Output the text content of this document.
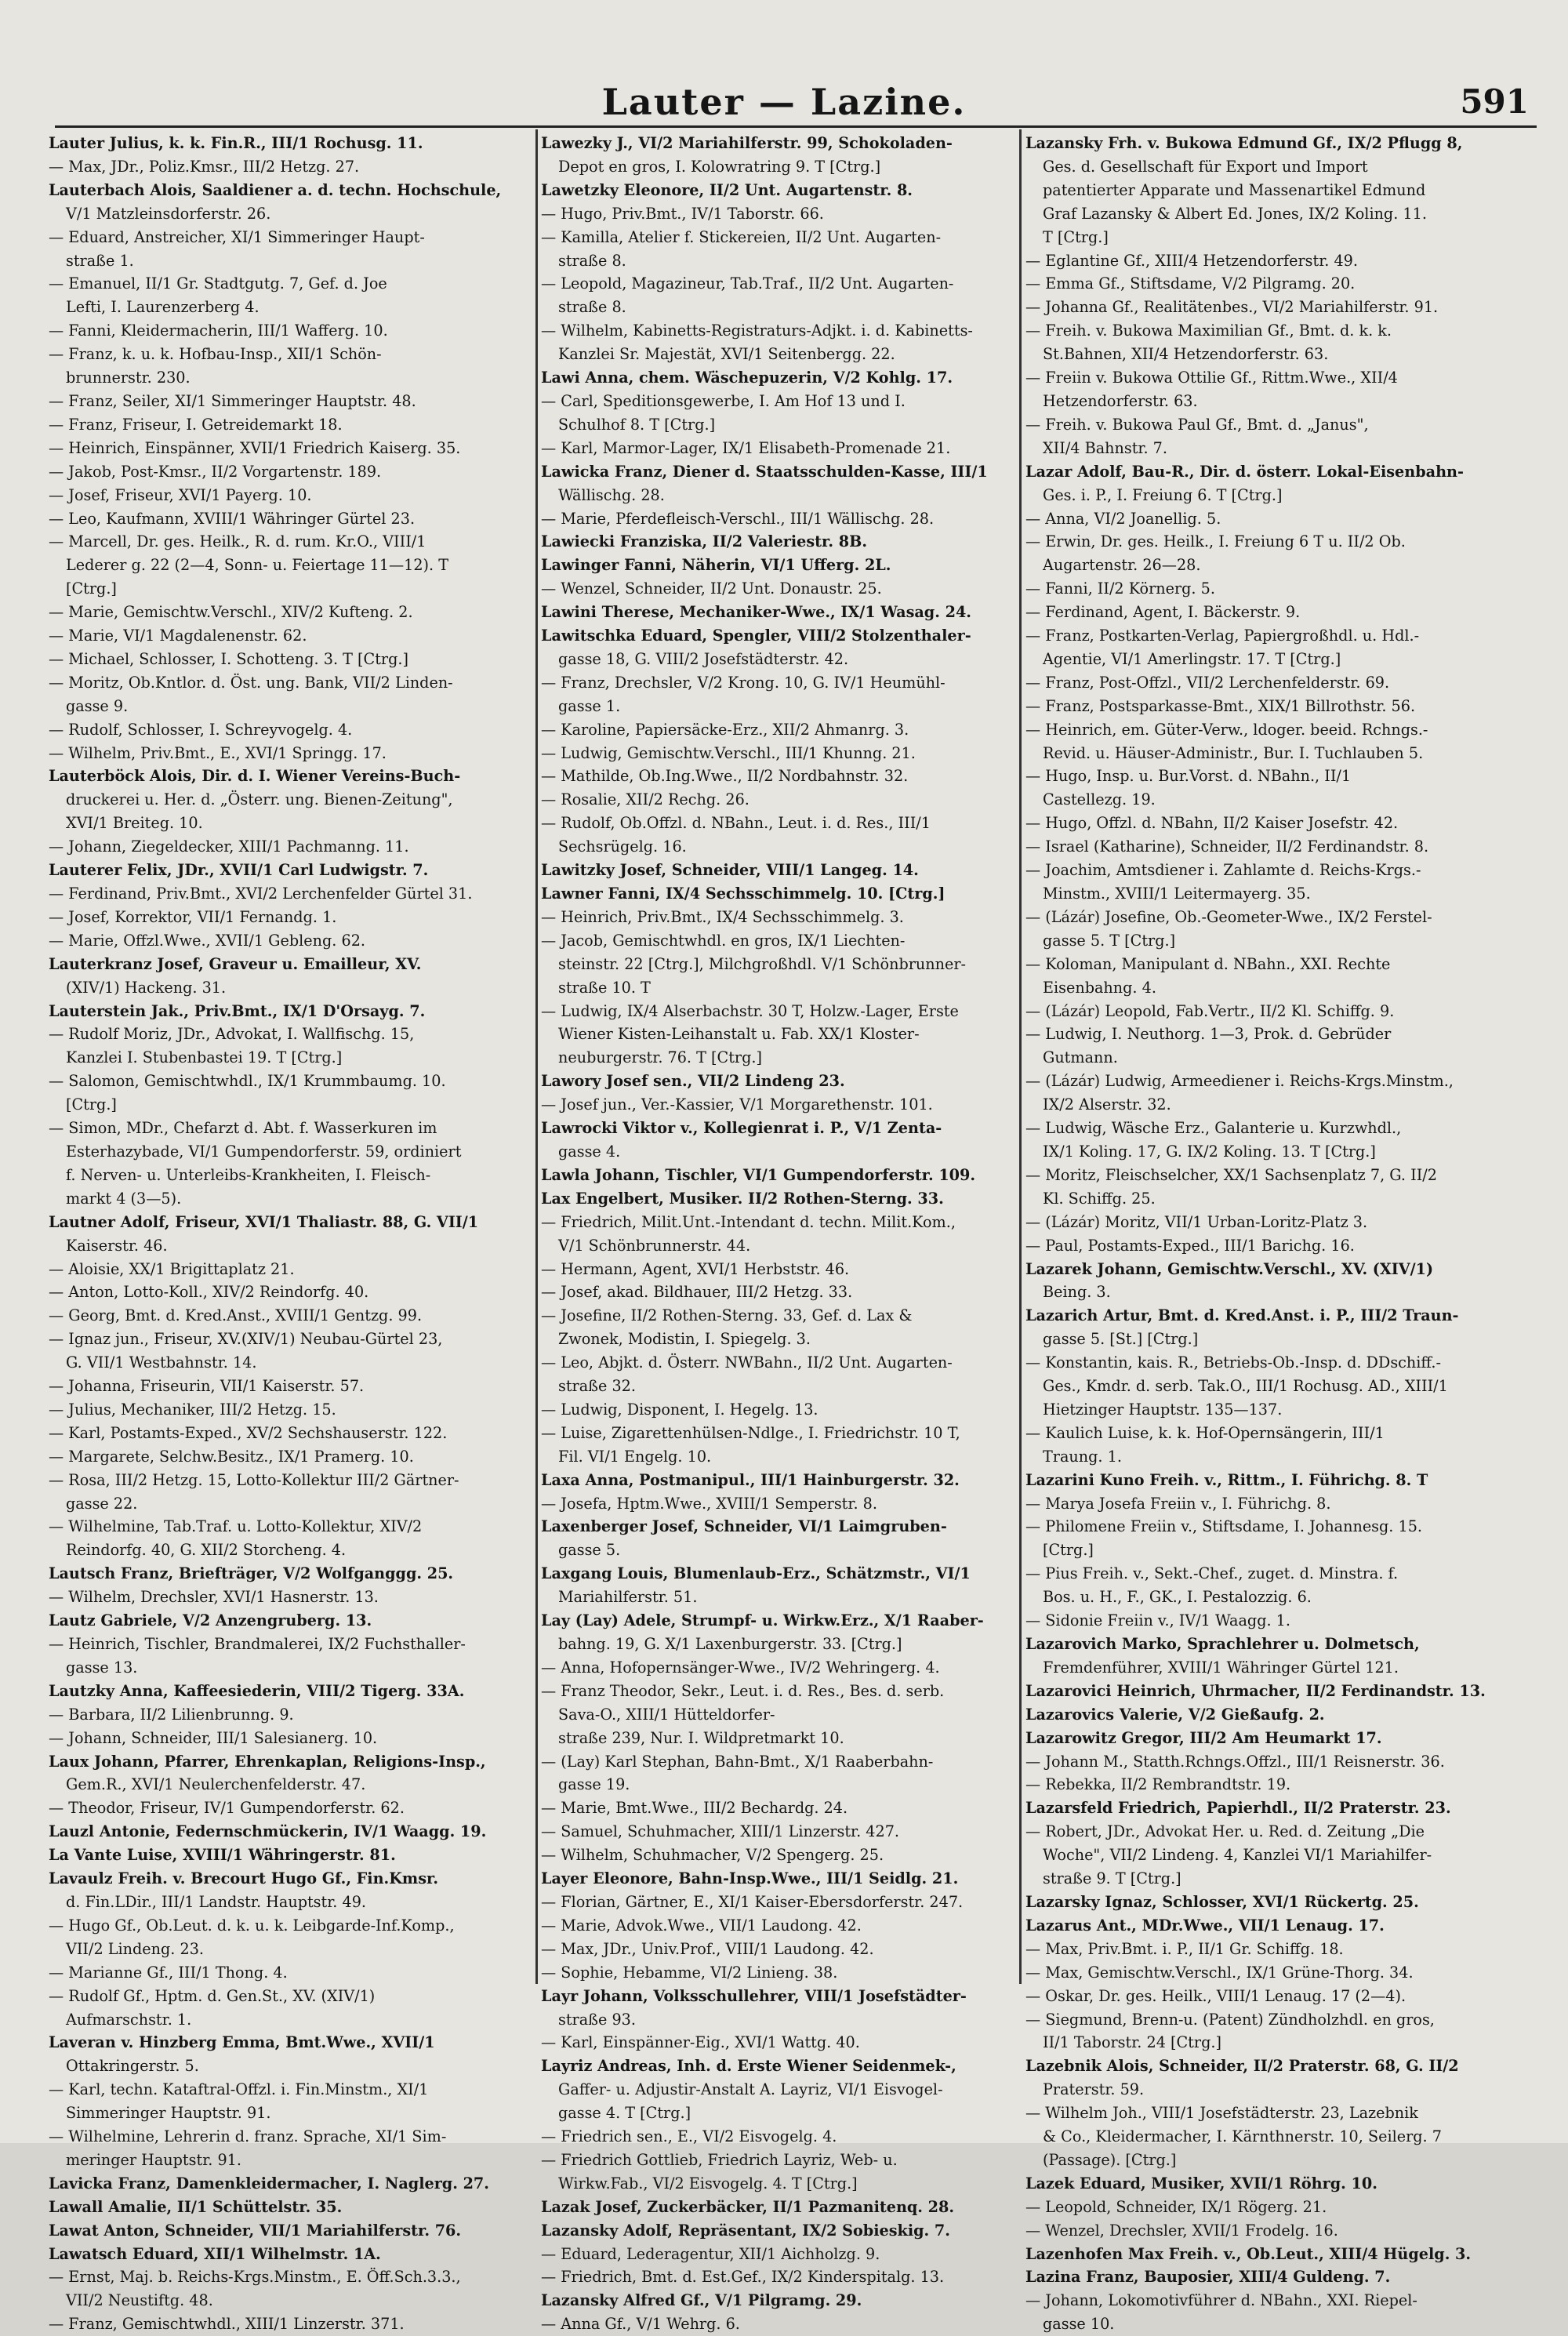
Lauter — Lazine.	591
Lauter Julius, k. k. Fin.R., III/1 Rochusg. 11.
— Max, JDr., Poliz.Kmsr., III/2 Hetzg. 27.
Lauterbach Alois, Saaldiener a. d. techn. Hochschule,
V/1 Matzleinsdorferstr. 26.
— Eduard, Anstreicher, XI/1 Simmeringer Haupt-
straße 1.
— Emanuel, II/1 Gr. Stadtgutg. 7, Gef. d. Joe
Lefti, I. Laurenzerberg 4.
— Fanni, Kleidermacherin, III/1 Wafferg. 10.
— Franz, k. u. k. Hofbau-Insp., XII/1 Schön-
brunnerstr. 230.
— Franz, Seiler, XI/1 Simmeringer Hauptstr. 48.
— Franz, Friseur, I. Getreidemarkt 18.
— Heinrich, Einspänner, XVII/1 Friedrich Kaiserg. 35.
— Jakob, Post-Kmsr., II/2 Vorgartenstr. 189.
— Josef, Friseur, XVI/1 Payerg. 10.
— Leo, Kaufmann, XVIII/1 Währinger Gürtel 23.
— Marcell, Dr. ges. Heilk., R. d. rum. Kr.O., VIII/1
Lederer g. 22 (2—4, Sonn- u. Feiertage 11—12). T
[Ctrg.]
— Marie, Gemischtw.Verschl., XIV/2 Kufteng. 2.
— Marie, VI/1 Magdalenenstr. 62.
— Michael, Schlosser, I. Schotteng. 3. T [Ctrg.]
— Moritz, Ob.Kntlor. d. Öst. ung. Bank, VII/2 Linden-
gasse 9.
— Rudolf, Schlosser, I. Schreyvogelg. 4.
— Wilhelm, Priv.Bmt., E., XVI/1 Springg. 17.
Lauterböck Alois, Dir. d. I. Wiener Vereins-Buch-
druckerei u. Her. d. „Österr. ung. Bienen-Zeitung",
XVI/1 Breiteg. 10.
— Johann, Ziegeldecker, XIII/1 Pachmanng. 11.
Lauterer Felix, JDr., XVII/1 Carl Ludwigstr. 7.
— Ferdinand, Priv.Bmt., XVI/2 Lerchenfelder Gürtel 31.
— Josef, Korrektor, VII/1 Fernandg. 1.
— Marie, Offzl.Wwe., XVII/1 Gebleng. 62.
Lauterkranz Josef, Graveur u. Emailleur, XV.
(XIV/1) Hackeng. 31.
Lauterstein Jak., Priv.Bmt., IX/1 D'Orsayg. 7.
— Rudolf Moriz, JDr., Advokat, I. Wallfischg. 15,
Kanzlei I. Stubenbastei 19. T [Ctrg.]
— Salomon, Gemischtwhdl., IX/1 Krummbaumg. 10.
[Ctrg.]
— Simon, MDr., Chefarzt d. Abt. f. Wasserkuren im
Esterhazybade, VI/1 Gumpendorferstr. 59, ordiniert
f. Nerven- u. Unterleibs-Krankheiten, I. Fleisch-
markt 4 (3—5).
Lautner Adolf, Friseur, XVI/1 Thaliastr. 88, G. VII/1
Kaiserstr. 46.
— Aloisie, XX/1 Brigittaplatz 21.
— Anton, Lotto-Koll., XIV/2 Reindorfg. 40.
— Georg, Bmt. d. Kred.Anst., XVIII/1 Gentzg. 99.
— Ignaz jun., Friseur, XV.(XIV/1) Neubau-Gürtel 23,
G. VII/1 Westbahnstr. 14.
— Johanna, Friseurin, VII/1 Kaiserstr. 57.
— Julius, Mechaniker, III/2 Hetzg. 15.
— Karl, Postamts-Exped., XV/2 Sechshauserstr. 122.
— Margarete, Selchw.Besitz., IX/1 Pramerg. 10.
— Rosa, III/2 Hetzg. 15, Lotto-Kollektur III/2 Gärtner-
gasse 22.
— Wilhelmine, Tab.Traf. u. Lotto-Kollektur, XIV/2
Reindorfg. 40, G. XII/2 Storcheng. 4.
Lautsch Franz, Briefträger, V/2 Wolfganggg. 25.
— Wilhelm, Drechsler, XVI/1 Hasnerstr. 13.
Lautz Gabriele, V/2 Anzengruberg. 13.
— Heinrich, Tischler, Brandmalerei, IX/2 Fuchsthaller-
gasse 13.
Lautzky Anna, Kaffeesiederin, VIII/2 Tigerg. 33A.
— Barbara, II/2 Lilienbrunng. 9.
— Johann, Schneider, III/1 Salesianerg. 10.
Laux Johann, Pfarrer, Ehrenkaplan, Religions-Insp.,
Gem.R., XVI/1 Neulerchenfelderstr. 47.
— Theodor, Friseur, IV/1 Gumpendorferstr. 62.
Lauzl Antonie, Federnschmückerin, IV/1 Waagg. 19.
La Vante Luise, XVIII/1 Währingerstr. 81.
Lavaulz Freih. v. Brecourt Hugo Gf., Fin.Kmsr.
d. Fin.LDir., III/1 Landstr. Hauptstr. 49.
— Hugo Gf., Ob.Leut. d. k. u. k. Leibgarde-Inf.Komp.,
VII/2 Lindeng. 23.
— Marianne Gf., III/1 Thong. 4.
— Rudolf Gf., Hptm. d. Gen.St., XV. (XIV/1)
Aufmarschstr. 1.
Laveran v. Hinzberg Emma, Bmt.Wwe., XVII/1
Ottakringerstr. 5.
— Karl, techn. Kataftral-Offzl. i. Fin.Minstm., XI/1
Simmeringer Hauptstr. 91.
— Wilhelmine, Lehrerin d. franz. Sprache, XI/1 Sim-
meringer Hauptstr. 91.
Lavicka Franz, Damenkleidermacher, I. Naglerg. 27.
Lawall Amalie, II/1 Schüttelstr. 35.
Lawat Anton, Schneider, VII/1 Mariahilferstr. 76.
Lawatsch Eduard, XII/1 Wilhelmstr. 1A.
— Ernst, Maj. b. Reichs-Krgs.Minstm., E. Öff.Sch.3.3.,
VII/2 Neustiftg. 48.
— Franz, Gemischtwhdl., XIII/1 Linzerstr. 371.
Lawezky J., VI/2 Mariahilferstr. 99, Schokoladen-
Depot en gros, I. Kolowratring 9. T [Ctrg.]
Lawetzky Eleonore, II/2 Unt. Augartenstr. 8.
— Hugo, Priv.Bmt., IV/1 Taborstr. 66.
— Kamilla, Atelier f. Stickereien, II/2 Unt. Augarten-
straße 8.
— Leopold, Magazineur, Tab.Traf., II/2 Unt. Augarten-
straße 8.
— Wilhelm, Kabinetts-Registraturs-Adjkt. i. d. Kabinetts-
Kanzlei Sr. Majestät, XVI/1 Seitenbergg. 22.
Lawi Anna, chem. Wäschepuzerin, V/2 Kohlg. 17.
— Carl, Speditionsgewerbe, I. Am Hof 13 und I.
Schulhof 8. T [Ctrg.]
— Karl, Marmor-Lager, IX/1 Elisabeth-Promenade 21.
Lawicka Franz, Diener d. Staatsschulden-Kasse, III/1
Wällischg. 28.
— Marie, Pferdefleisch-Verschl., III/1 Wällischg. 28.
Lawiecki Franziska, II/2 Valeriestr. 8B.
Lawinger Fanni, Näherin, VI/1 Ufferg. 2L.
— Wenzel, Schneider, II/2 Unt. Donaustr. 25.
Lawini Therese, Mechaniker-Wwe., IX/1 Wasag. 24.
Lawitschka Eduard, Spengler, VIII/2 Stolzenthaler-
gasse 18, G. VIII/2 Josefstädterstr. 42.
— Franz, Drechsler, V/2 Krong. 10, G. IV/1 Heumühl-
gasse 1.
— Karoline, Papiersäcke-Erz., XII/2 Ahmanrg. 3.
— Ludwig, Gemischtw.Verschl., III/1 Khunng. 21.
— Mathilde, Ob.Ing.Wwe., II/2 Nordbahnstr. 32.
— Rosalie, XII/2 Rechg. 26.
— Rudolf, Ob.Offzl. d. NBahn., Leut. i. d. Res., III/1
Sechsrügelg. 16.
Lawitzky Josef, Schneider, VIII/1 Langeg. 14.
Lawner Fanni, IX/4 Sechsschimmelg. 10. [Ctrg.]
— Heinrich, Priv.Bmt., IX/4 Sechsschimmelg. 3.
— Jacob, Gemischtwhdl. en gros, IX/1 Liechten-
steinstr. 22 [Ctrg.], Milchgroßhdl. V/1 Schönbrunner-
straße 10. T
— Ludwig, IX/4 Alserbachstr. 30 T, Holzw.-Lager, Erste
Wiener Kisten-Leihanstalt u. Fab. XX/1 Kloster-
neuburgerstr. 76. T [Ctrg.]
Lawory Josef sen., VII/2 Lindeng 23.
— Josef jun., Ver.-Kassier, V/1 Morgarethenstr. 101.
Lawrocki Viktor v., Kollegienrat i. P., V/1 Zenta-
gasse 4.
Lawla Johann, Tischler, VI/1 Gumpendorferstr. 109.
Lax Engelbert, Musiker. II/2 Rothen-Sterng. 33.
— Friedrich, Milit.Unt.-Intendant d. techn. Milit.Kom.,
V/1 Schönbrunnerstr. 44.
— Hermann, Agent, XVI/1 Herbststr. 46.
— Josef, akad. Bildhauer, III/2 Hetzg. 33.
— Josefine, II/2 Rothen-Sterng. 33, Gef. d. Lax &
Zwonek, Modistin, I. Spiegelg. 3.
— Leo, Abjkt. d. Österr. NWBahn., II/2 Unt. Augarten-
straße 32.
— Ludwig, Disponent, I. Hegelg. 13.
— Luise, Zigarettenhülsen-Ndlge., I. Friedrichstr. 10 T,
Fil. VI/1 Engelg. 10.
Laxa Anna, Postmanipul., III/1 Hainburgerstr. 32.
— Josefa, Hptm.Wwe., XVIII/1 Semperstr. 8.
Laxenberger Josef, Schneider, VI/1 Laimgruben-
gasse 5.
Laxgang Louis, Blumenlaub-Erz., Schätzmstr., VI/1
Mariahilferstr. 51.
Lay (Lay) Adele, Strumpf- u. Wirkw.Erz., X/1 Raaber-
bahng. 19, G. X/1 Laxenburgerstr. 33. [Ctrg.]
— Anna, Hofopernsänger-Wwe., IV/2 Wehringerg. 4.
— Franz Theodor, Sekr., Leut. i. d. Res., Bes. d. serb.
Sava-O., XIII/1 Hütteldorfer-
straße 239, Nur. I. Wildpretmarkt 10.
— (Lay) Karl Stephan, Bahn-Bmt., X/1 Raaberbahn-
gasse 19.
— Marie, Bmt.Wwe., III/2 Bechardg. 24.
— Samuel, Schuhmacher, XIII/1 Linzerstr. 427.
— Wilhelm, Schuhmacher, V/2 Spengerg. 25.
Layer Eleonore, Bahn-Insp.Wwe., III/1 Seidlg. 21.
— Florian, Gärtner, E., XI/1 Kaiser-Ebersdorferstr. 247.
— Marie, Advok.Wwe., VII/1 Laudong. 42.
— Max, JDr., Univ.Prof., VIII/1 Laudong. 42.
— Sophie, Hebamme, VI/2 Linieng. 38.
Layr Johann, Volksschullehrer, VIII/1 Josefstädter-
straße 93.
— Karl, Einspänner-Eig., XVI/1 Wattg. 40.
Layriz Andreas, Inh. d. Erste Wiener Seidenmek-,
Gaffer- u. Adjustir-Anstalt A. Layriz, VI/1 Eisvogel-
gasse 4. T [Ctrg.]
— Friedrich sen., E., VI/2 Eisvogelg. 4.
— Friedrich Gottlieb, Friedrich Layriz, Web- u.
Wirkw.Fab., VI/2 Eisvogelg. 4. T [Ctrg.]
Lazak Josef, Zuckerbäcker, II/1 Pazmanitenq. 28.
Lazansky Adolf, Repräsentant, IX/2 Sobieskig. 7.
— Eduard, Lederagentur, XII/1 Aichholzg. 9.
— Friedrich, Bmt. d. Est.Gef., IX/2 Kinderspitalg. 13.
Lazansky Alfred Gf., V/1 Pilgramg. 29.
— Anna Gf., V/1 Wehrg. 6.
Lazansky Frh. v. Bukowa Edmund Gf., IX/2 Pflugg 8,
Ges. d. Gesellschaft für Export und Import
patentierter Apparate und Massenartikel Edmund
Graf Lazansky & Albert Ed. Jones, IX/2 Koling. 11.
T [Ctrg.]
— Eglantine Gf., XIII/4 Hetzendorferstr. 49.
— Emma Gf., Stiftsdame, V/2 Pilgramg. 20.
— Johanna Gf., Realitätenbes., VI/2 Mariahilferstr. 91.
— Freih. v. Bukowa Maximilian Gf., Bmt. d. k. k.
St.Bahnen, XII/4 Hetzendorferstr. 63.
— Freiin v. Bukowa Ottilie Gf., Rittm.Wwe., XII/4
Hetzendorferstr. 63.
— Freih. v. Bukowa Paul Gf., Bmt. d. „Janus",
XII/4 Bahnstr. 7.
Lazar Adolf, Bau-R., Dir. d. österr. Lokal-Eisenbahn-
Ges. i. P., I. Freiung 6. T [Ctrg.]
— Anna, VI/2 Joanellig. 5.
— Erwin, Dr. ges. Heilk., I. Freiung 6 T u. II/2 Ob.
Augartenstr. 26—28.
— Fanni, II/2 Körnerg. 5.
— Ferdinand, Agent, I. Bäckerstr. 9.
— Franz, Postkarten-Verlag, Papiergroßhdl. u. Hdl.-
Agentie, VI/1 Amerlingstr. 17. T [Ctrg.]
— Franz, Post-Offzl., VII/2 Lerchenfelderstr. 69.
— Franz, Postsparkasse-Bmt., XIX/1 Billrothstr. 56.
— Heinrich, em. Güter-Verw., ldoger. beeid. Rchngs.-
Revid. u. Häuser-Administr., Bur. I. Tuchlauben 5.
— Hugo, Insp. u. Bur.Vorst. d. NBahn., II/1
Castellezg. 19.
— Hugo, Offzl. d. NBahn, II/2 Kaiser Josefstr. 42.
— Israel (Katharine), Schneider, II/2 Ferdinandstr. 8.
— Joachim, Amtsdiener i. Zahlamte d. Reichs-Krgs.-
Minstm., XVIII/1 Leitermayerg. 35.
— (Lázár) Josefine, Ob.-Geometer-Wwe., IX/2 Ferstel-
gasse 5. T [Ctrg.]
— Koloman, Manipulant d. NBahn., XXI. Rechte
Eisenbahng. 4.
— (Lázár) Leopold, Fab.Vertr., II/2 Kl. Schiffg. 9.
— Ludwig, I. Neuthorg. 1—3, Prok. d. Gebrüder
Gutmann.
— (Lázár) Ludwig, Armeediener i. Reichs-Krgs.Minstm.,
IX/2 Alserstr. 32.
— Ludwig, Wäsche Erz., Galanterie u. Kurzwhdl.,
IX/1 Koling. 17, G. IX/2 Koling. 13. T [Ctrg.]
— Moritz, Fleischselcher, XX/1 Sachsenplatz 7, G. II/2
Kl. Schiffg. 25.
— (Lázár) Moritz, VII/1 Urban-Loritz-Platz 3.
— Paul, Postamts-Exped., III/1 Barichg. 16.
Lazarek Johann, Gemischtw.Verschl., XV. (XIV/1)
Being. 3.
Lazarich Artur, Bmt. d. Kred.Anst. i. P., III/2 Traun-
gasse 5. [St.] [Ctrg.]
— Konstantin, kais. R., Betriebs-Ob.-Insp. d. DDschiff.-
Ges., Kmdr. d. serb. Tak.O., III/1 Rochusg. AD., XIII/1
Hietzinger Hauptstr. 135—137.
— Kaulich Luise, k. k. Hof-Opernsängerin, III/1
Traung. 1.
Lazarini Kuno Freih. v., Rittm., I. Führichg. 8. T
— Marya Josefa Freiin v., I. Führichg. 8.
— Philomene Freiin v., Stiftsdame, I. Johannesg. 15.
[Ctrg.]
— Pius Freih. v., Sekt.-Chef., zuget. d. Minstra. f.
Bos. u. H., F., GK., I. Pestalozzig. 6.
— Sidonie Freiin v., IV/1 Waagg. 1.
Lazarovich Marko, Sprachlehrer u. Dolmetsch,
Fremdenführer, XVIII/1 Währinger Gürtel 121.
Lazarovici Heinrich, Uhrmacher, II/2 Ferdinandstr. 13.
Lazarovics Valerie, V/2 Gießaufg. 2.
Lazarowitz Gregor, III/2 Am Heumarkt 17.
— Johann M., Statth.Rchngs.Offzl., III/1 Reisnerstr. 36.
— Rebekka, II/2 Rembrandtstr. 19.
Lazarsfeld Friedrich, Papierhdl., II/2 Praterstr. 23.
— Robert, JDr., Advokat Her. u. Red. d. Zeitung „Die
Woche", VII/2 Lindeng. 4, Kanzlei VI/1 Mariahilfer-
straße 9. T [Ctrg.]
Lazarsky Ignaz, Schlosser, XVI/1 Rückertg. 25.
Lazarus Ant., MDr.Wwe., VII/1 Lenaug. 17.
— Max, Priv.Bmt. i. P., II/1 Gr. Schiffg. 18.
— Max, Gemischtw.Verschl., IX/1 Grüne-Thorg. 34.
— Oskar, Dr. ges. Heilk., VIII/1 Lenaug. 17 (2—4).
— Siegmund, Brenn-u. (Patent) Zündholzhdl. en gros,
II/1 Taborstr. 24 [Ctrg.]
Lazebnik Alois, Schneider, II/2 Praterstr. 68, G. II/2
Praterstr. 59.
— Wilhelm Joh., VIII/1 Josefstädterstr. 23, Lazebnik
& Co., Kleidermacher, I. Kärnthnerstr. 10, Seilerg. 7
(Passage). [Ctrg.]
Lazek Eduard, Musiker, XVII/1 Röhrg. 10.
— Leopold, Schneider, IX/1 Rögerg. 21.
— Wenzel, Drechsler, XVII/1 Frodelg. 16.
Lazenhofen Max Freih. v., Ob.Leut., XIII/4 Hügelg. 3.
Lazina Franz, Bauposier, XIII/4 Guldeng. 7.
— Johann, Lokomotivführer d. NBahn., XXI. Riepel-
gasse 10.
